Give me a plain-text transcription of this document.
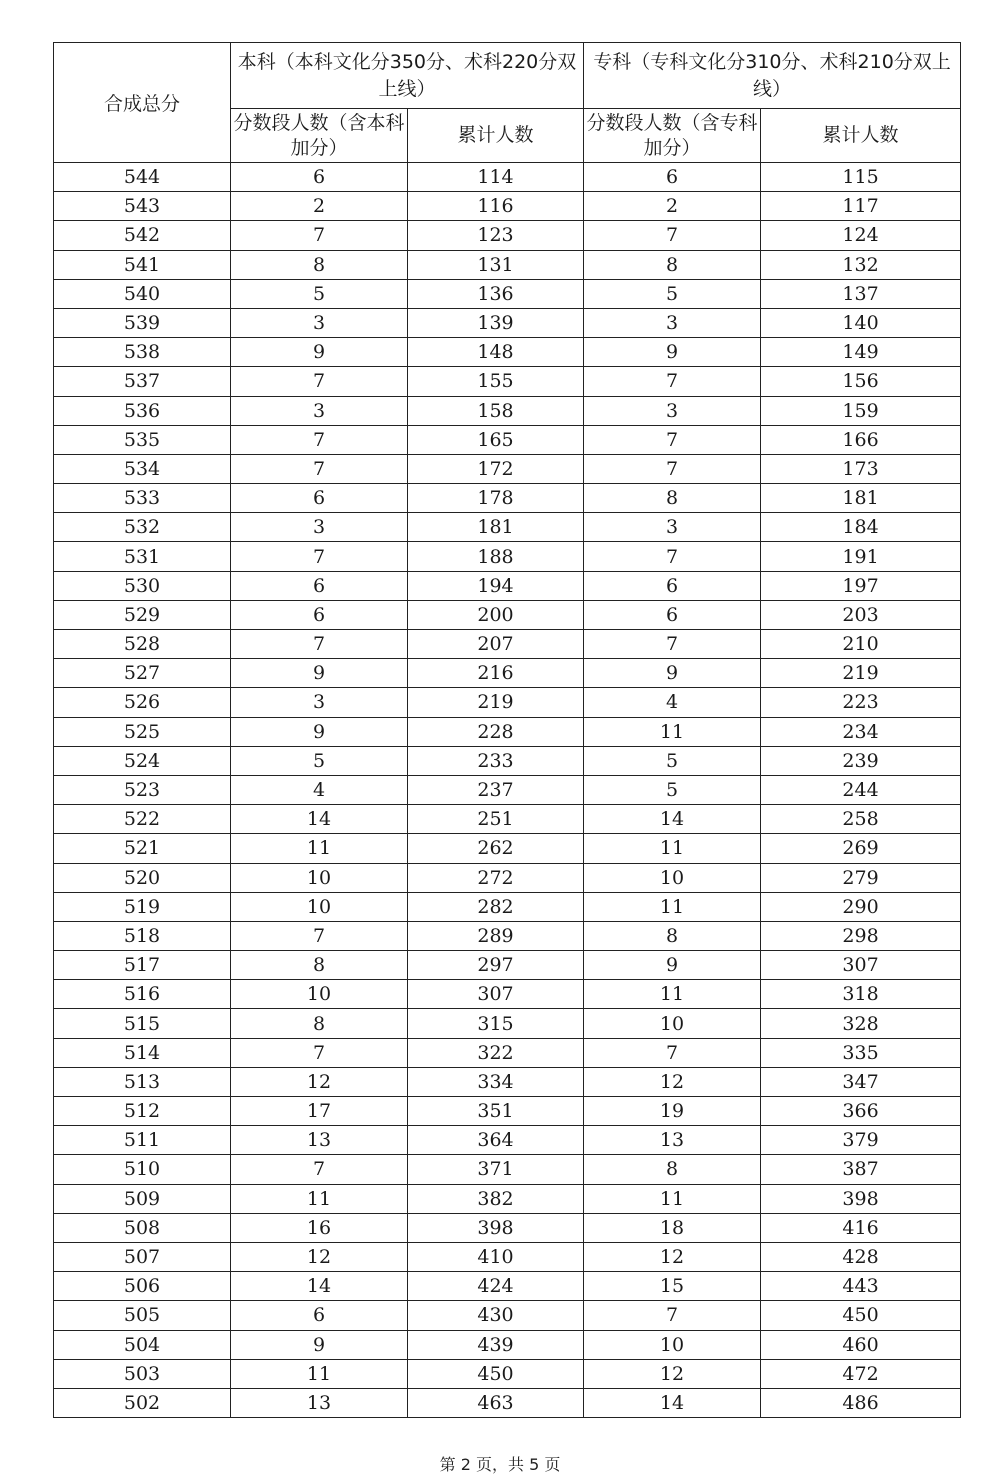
合成总分	本科（本科文化分350分、术科220分双上线）		专科（专科文化分310分、术科210分双上线）	

	分数段人数（含本科加分）	累计人数	分数段人数（含专科加分）	累计人数
544	6	114	6	115
543	2	116	2	117
542	7	123	7	124
541	8	131	8	132
540	5	136	5	137
539	3	139	3	140
538	9	148	9	149
537	7	155	7	156
536	3	158	3	159
535	7	165	7	166
534	7	172	7	173
533	6	178	8	181
532	3	181	3	184
531	7	188	7	191
530	6	194	6	197
529	6	200	6	203
528	7	207	7	210
527	9	216	9	219
526	3	219	4	223
525	9	228	11	234
524	5	233	5	239
523	4	237	5	244
522	14	251	14	258
521	11	262	11	269
520	10	272	10	279
519	10	282	11	290
518	7	289	8	298
517	8	297	9	307
516	10	307	11	318
515	8	315	10	328
514	7	322	7	335
513	12	334	12	347
512	17	351	19	366
511	13	364	13	379
510	7	371	8	387
509	11	382	11	398
508	16	398	18	416
507	12	410	12	428
506	14	424	15	443
505	6	430	7	450
504	9	439	10	460
503	11	450	12	472
502	13	463	14	486
第 2 页，共 5 页
